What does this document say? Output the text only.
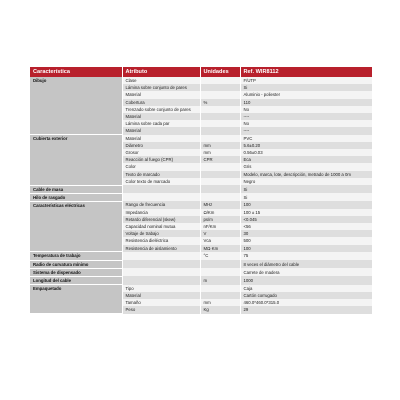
Característica	Atributo	Unidades	Ref. WIR8112
Dibujo	Clase		F/UTP
	Lámina sobre conjunto de pares		Si
	Material		Aluminio - poliester
	Cobertura	%	110
	Trenzado sobre conjunto de pares		No
	Material		----
	Lámina sobre cada par		No
	Material		----
Cubierta exterior	Material		PVC
	Diámetro	mm	5.6±0.20
	Grosor	mm	0.56±0.03
	Reacción al fuego (CPR)	CPR	Eca
	Color		Gris
	Texto de marcado		Modelo, marca, lote, descripción, metrado de 1000 a 0m
	Color texto de marcado		Negro
Cable de masa			Si
Hilo de rasgado			Si
Características eléctricas	Rango de frecuencia	MHz	100
	Impedancia	Ω/Km	100 ± 15
	Retardo diferencial (skew)	ps/m	<0.045
	Capacidad nominal mutua	nF/Km	<56
	Voltaje de trabajo	V	30
	Resistencia dieléctrica	Vca	500
	Resistencia de aislamiento	MΩ·Km	100
Temperatura de trabajo		°C	75
Radio de curvatura mínimo			8 veces el diámetro del cable
Sistema de dispensado			Carrete de madera
Longitud del cable		m	1000
Empaquetado	Tipo		Caja
	Material		Cartón corrugado
	Tamaño	mm	460.0*460.0*315.0
	Peso	Kg	29
